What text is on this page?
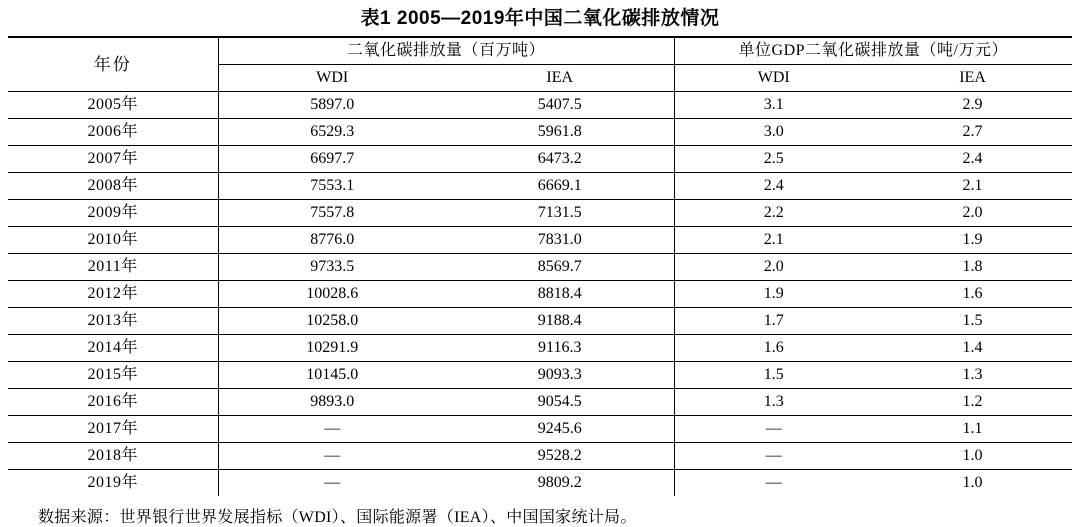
表1 2005—2019年中国二氧化碳排放情况
年份	二氧化碳排放量（百万吨）		单位GDP二氧化碳排放量（吨/万元）	
	WDI	IEA	WDI	IEA
2005年	5897.0	5407.5	3.1	2.9
2006年	6529.3	5961.8	3.0	2.7
2007年	6697.7	6473.2	2.5	2.4
2008年	7553.1	6669.1	2.4	2.1
2009年	7557.8	7131.5	2.2	2.0
2010年	8776.0	7831.0	2.1	1.9
2011年	9733.5	8569.7	2.0	1.8
2012年	10028.6	8818.4	1.9	1.6
2013年	10258.0	9188.4	1.7	1.5
2014年	10291.9	9116.3	1.6	1.4
2015年	10145.0	9093.3	1.5	1.3
2016年	9893.0	9054.5	1.3	1.2
2017年	—	9245.6	—	1.1
2018年	—	9528.2	—	1.0
2019年	—	9809.2	—	1.0
数据来源：世界银行世界发展指标（WDI）、国际能源署（IEA）、中国国家统计局。
